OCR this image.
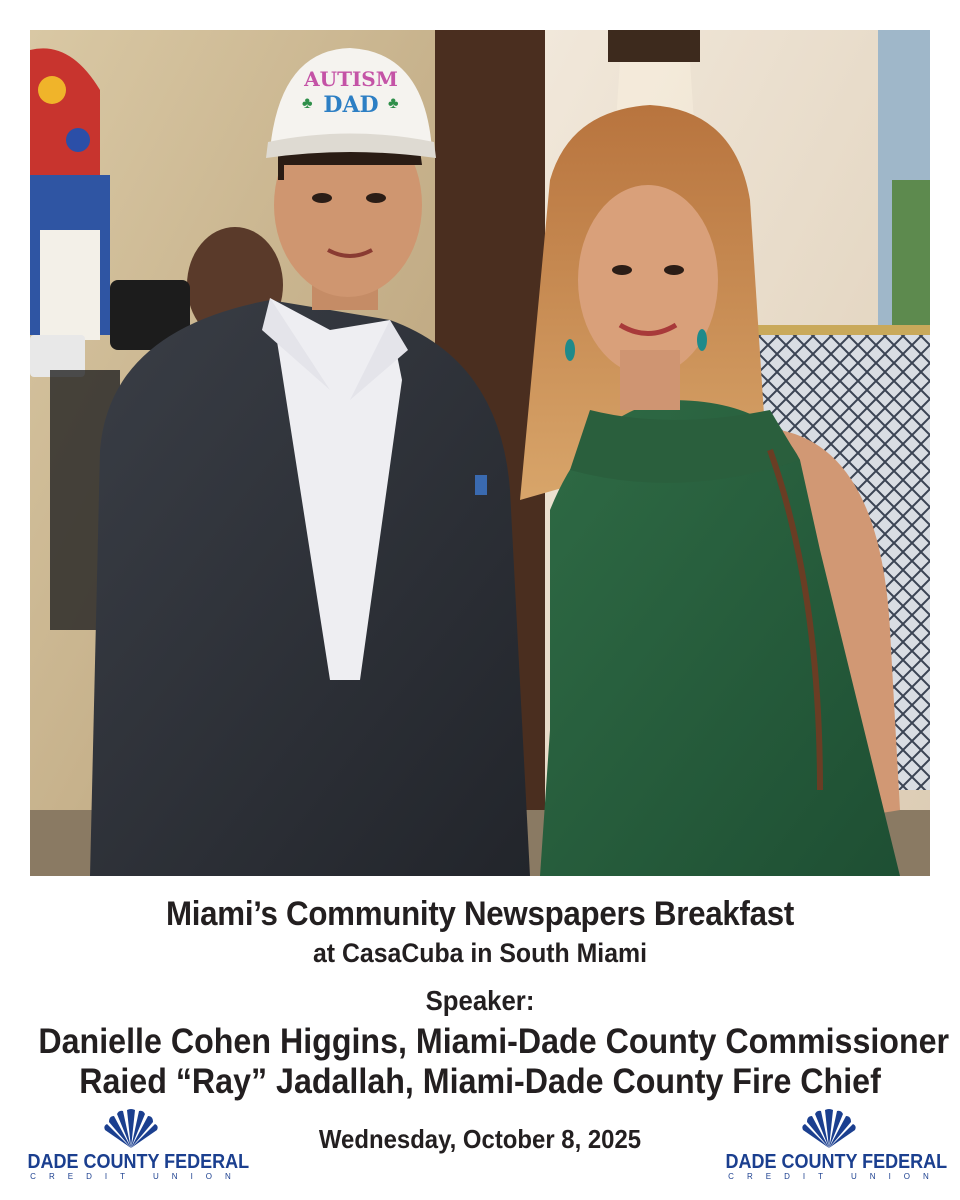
AUTISM
DAD
♣	♣
Miami’s Community Newspapers Breakfast
at CasaCuba in South Miami
Speaker:
Danielle Cohen Higgins, Miami-Dade County Commissioner
Raied “Ray” Jadallah, Miami-Dade County Fire Chief
Wednesday, October 8, 2025
DADE COUNTY FEDERAL
CREDIT UNION
DADE COUNTY FEDERAL
CREDIT UNION
